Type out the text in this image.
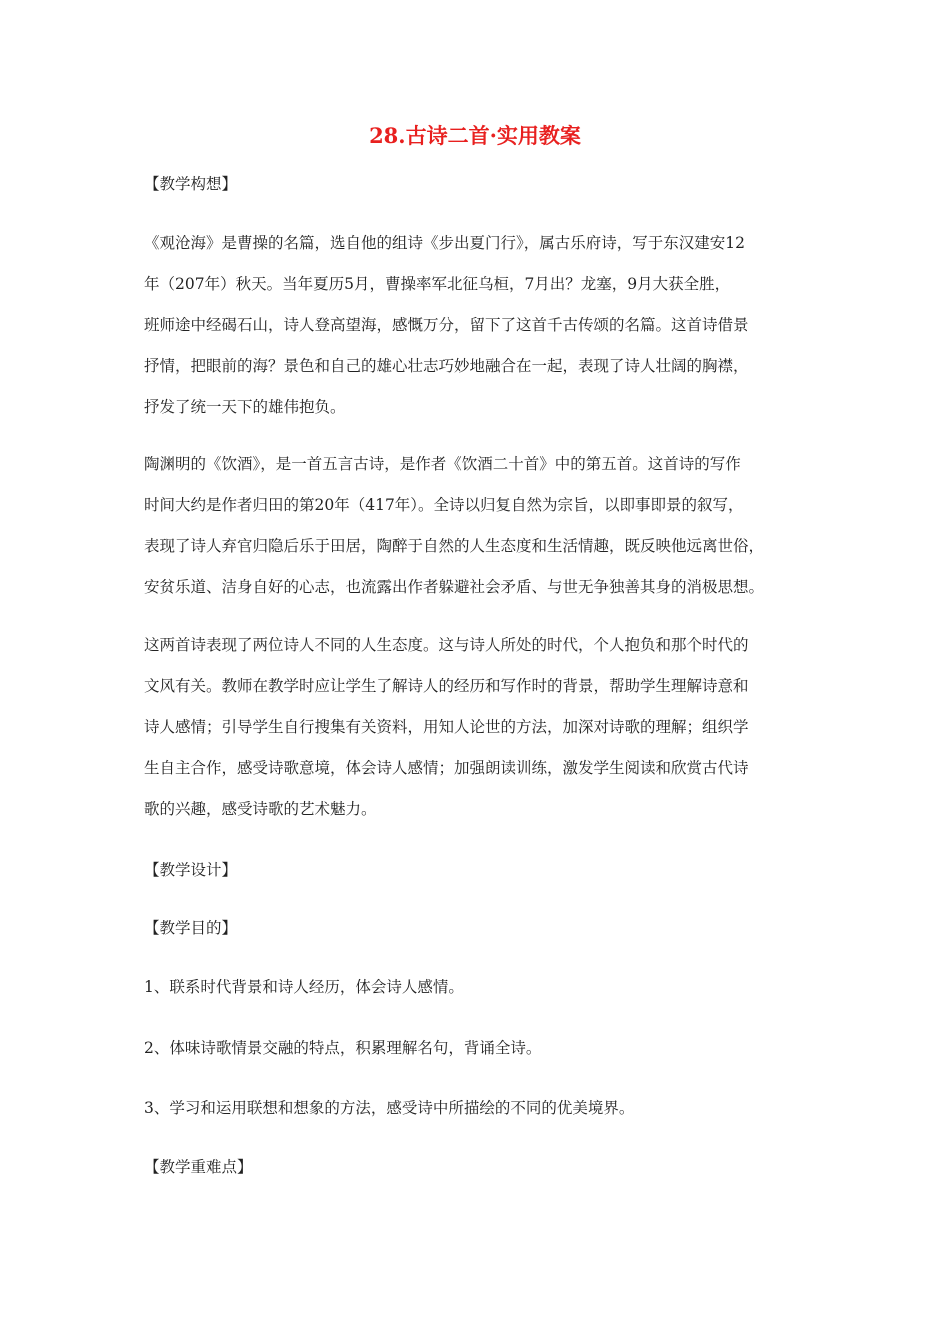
28.古诗二首·实用教案

【教学构想】

《观沧海》是曹操的名篇，选自他的组诗《步出夏门行》，属古乐府诗，写于东汉建安12
年（207年）秋天。当年夏历5月，曹操率军北征乌桓，7月出？龙塞，9月大获全胜，
班师途中经碣石山，诗人登高望海，感慨万分，留下了这首千古传颂的名篇。这首诗借景
抒情，把眼前的海？景色和自己的雄心壮志巧妙地融合在一起，表现了诗人壮阔的胸襟，
抒发了统一天下的雄伟抱负。

陶渊明的《饮酒》，是一首五言古诗，是作者《饮酒二十首》中的第五首。这首诗的写作
时间大约是作者归田的第20年（417年）。全诗以归复自然为宗旨，以即事即景的叙写，
表现了诗人弃官归隐后乐于田居，陶醉于自然的人生态度和生活情趣，既反映他远离世俗，
安贫乐道、洁身自好的心志，也流露出作者躲避社会矛盾、与世无争独善其身的消极思想。

这两首诗表现了两位诗人不同的人生态度。这与诗人所处的时代，个人抱负和那个时代的
文风有关。教师在教学时应让学生了解诗人的经历和写作时的背景，帮助学生理解诗意和
诗人感情；引导学生自行搜集有关资料，用知人论世的方法，加深对诗歌的理解；组织学
生自主合作，感受诗歌意境，体会诗人感情；加强朗读训练，激发学生阅读和欣赏古代诗
歌的兴趣，感受诗歌的艺术魅力。

【教学设计】

【教学目的】

1、联系时代背景和诗人经历，体会诗人感情。

2、体味诗歌情景交融的特点，积累理解名句，背诵全诗。

3、学习和运用联想和想象的方法，感受诗中所描绘的不同的优美境界。

【教学重难点】
